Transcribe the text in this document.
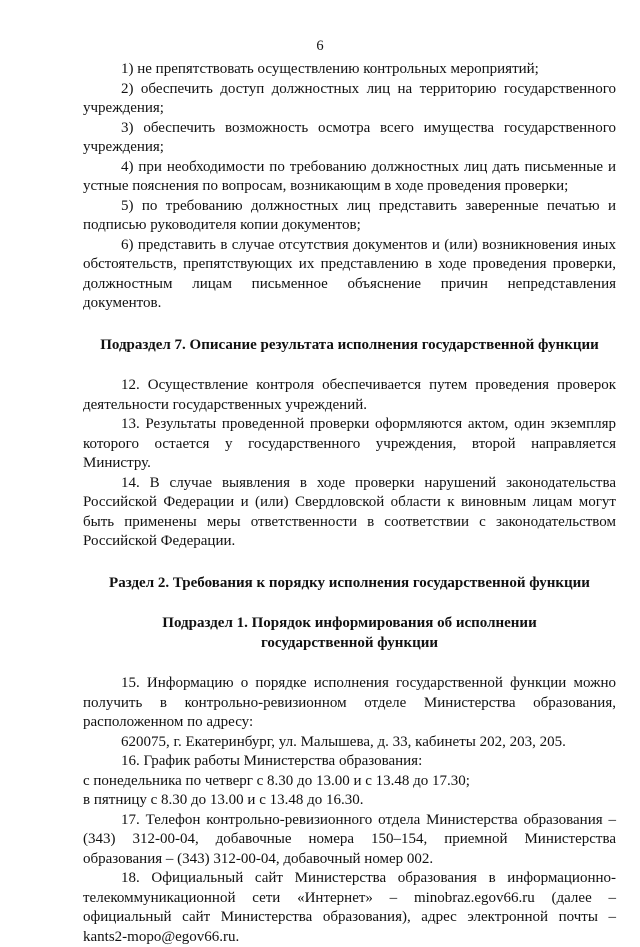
6

1) не препятствовать осуществлению контрольных мероприятий;

2) обеспечить доступ должностных лиц на территорию государственного учреждения;

3) обеспечить возможность осмотра всего имущества государственного учреждения;

4) при необходимости по требованию должностных лиц дать письменные и устные пояснения по вопросам, возникающим в ходе проведения проверки;

5) по требованию должностных лиц представить заверенные печатью и подписью руководителя копии документов;

6) представить в случае отсутствия документов и (или) возникновения иных обстоятельств, препятствующих их представлению в ходе проведения проверки, должностным лицам письменное объяснение причин непредставления документов.

Подраздел 7. Описание результата исполнения государственной функции

12. Осуществление контроля обеспечивается путем проведения проверок деятельности государственных учреждений.

13. Результаты проведенной проверки оформляются актом, один экземпляр которого остается у государственного учреждения, второй направляется Министру.

14. В случае выявления в ходе проверки нарушений законодательства Российской Федерации и (или) Свердловской области к виновным лицам могут быть применены меры ответственности в соответствии с законодательством Российской Федерации.

Раздел 2. Требования к порядку исполнения государственной функции

Подраздел 1. Порядок информирования об исполнении

государственной функции

15. Информацию о порядке исполнения государственной функции можно получить в контрольно-ревизионном отделе Министерства образования, расположенном по адресу:

620075, г. Екатеринбург, ул. Малышева, д. 33, кабинеты 202, 203, 205.

16. График работы Министерства образования:

с понедельника по четверг с 8.30 до 13.00 и с 13.48 до 17.30;

в пятницу с 8.30 до 13.00 и с 13.48 до 16.30.

17. Телефон контрольно-ревизионного отдела Министерства образования – (343) 312-00-04, добавочные номера 150–154, приемной Министерства образования – (343) 312-00-04, добавочный номер 002.

18. Официальный сайт Министерства образования в информационно-телекоммуникационной сети «Интернет» – minobraz.egov66.ru (далее – официальный сайт Министерства образования), адрес электронной почты – kants2-mopo@egov66.ru.
